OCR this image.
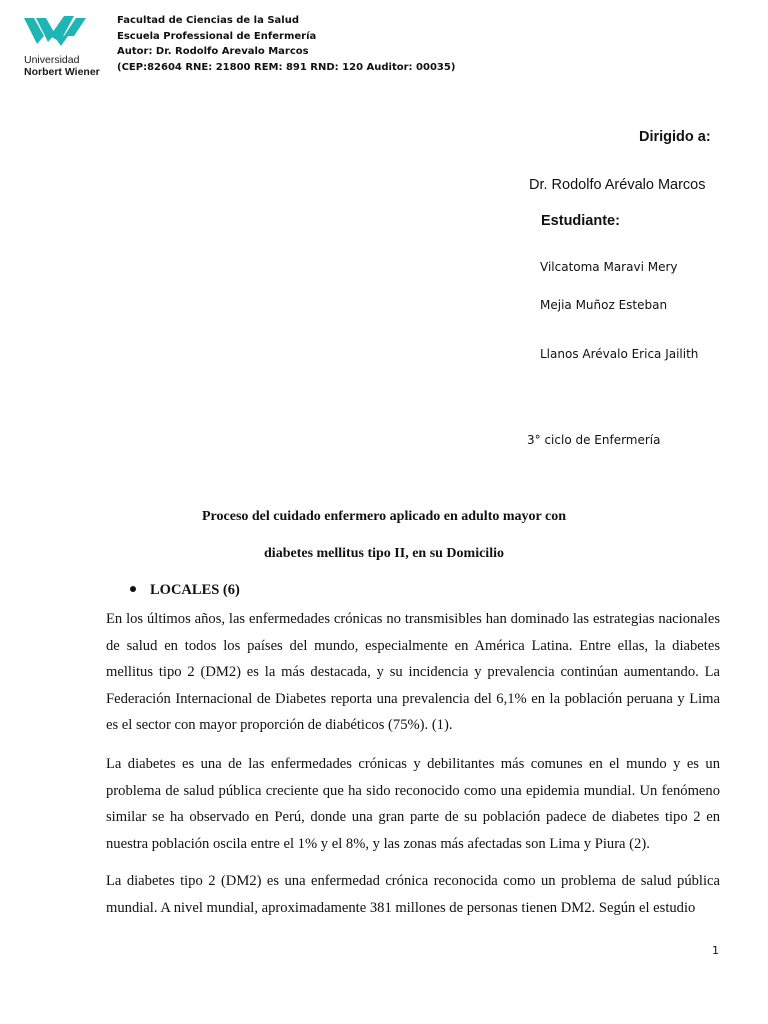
Universidad
Norbert Wiener
Facultad de Ciencias de la Salud
Escuela Professional de Enfermería
Autor: Dr. Rodolfo Arevalo Marcos
(CEP:82604 RNE: 21800 REM: 891 RND: 120 Auditor: 00035)
Dirigido a:
Dr. Rodolfo Arévalo Marcos
Estudiante:
Vilcatoma Maravi Mery
Mejia Muñoz Esteban
Llanos Arévalo Erica Jailith
3° ciclo de Enfermería
Proceso del cuidado enfermero aplicado en adulto mayor con
diabetes mellitus tipo II, en su Domicilio
LOCALES (6)

En los últimos años, las enfermedades crónicas no transmisibles han dominado las estrategias nacionales de salud en todos los países del mundo, especialmente en América Latina. Entre ellas, la diabetes mellitus tipo 2 (DM2) es la más destacada, y su incidencia y prevalencia continúan aumentando. La Federación Internacional de Diabetes reporta una prevalencia del 6,1% en la población peruana y Lima es el sector con mayor proporción de diabéticos (75%). (1).

La diabetes es una de las enfermedades crónicas y debilitantes más comunes en el mundo y es un problema de salud pública creciente que ha sido reconocido como una epidemia mundial. Un fenómeno similar se ha observado en Perú, donde una gran parte de su población padece de diabetes tipo 2 en nuestra población oscila entre el 1% y el 8%, y las zonas más afectadas son Lima y Piura (2).

La diabetes tipo 2 (DM2) es una enfermedad crónica reconocida como un problema de salud pública mundial. A nivel mundial, aproximadamente 381 millones de personas tienen DM2. Según el estudio

1
